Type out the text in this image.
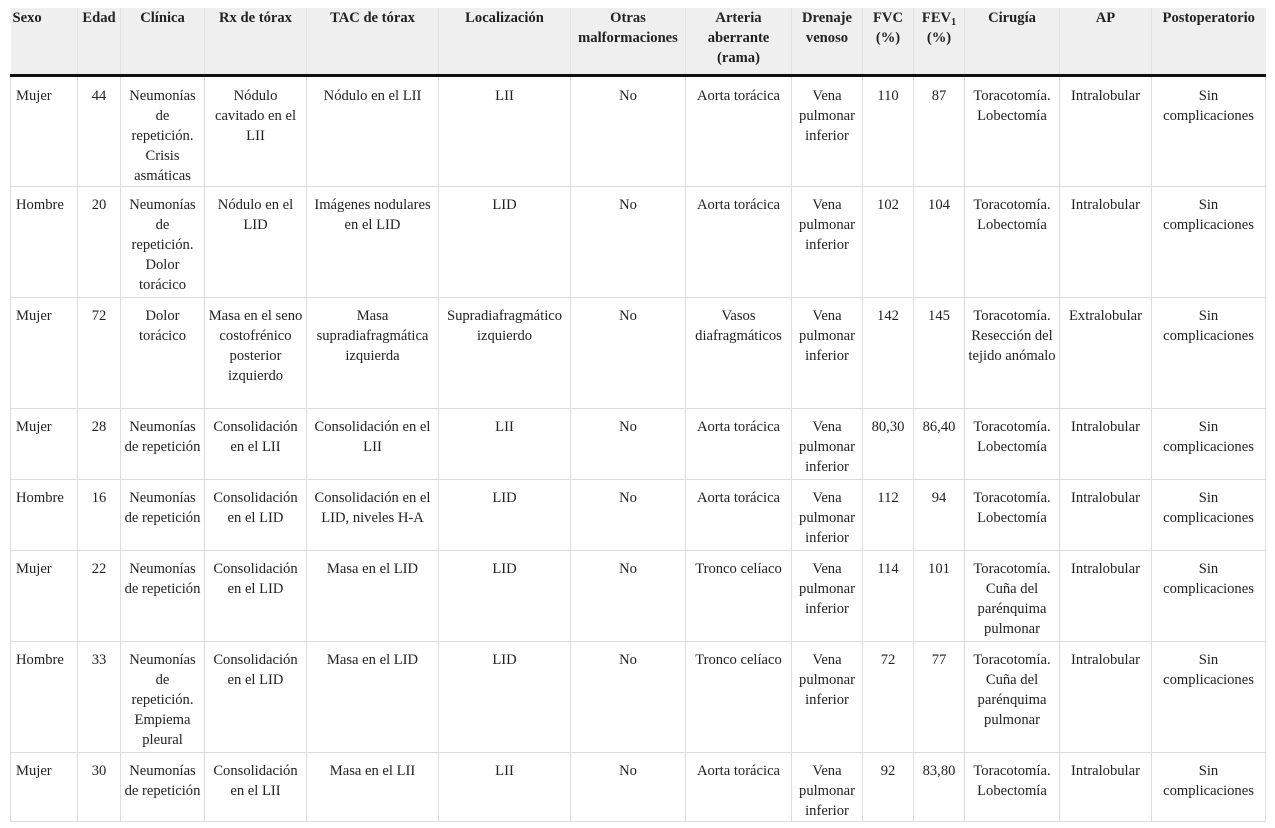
Sexo	Edad	Clínica	Rx de tórax	TAC de tórax	Localización	Otras malformaciones	Arteria aberrante (rama)	Drenaje venoso	FVC (%)	$FEV_1$ (%)	Cirugía	AP	Postoperatorio
Mujer	44	Neumonías de repetición. Crisis asmáticas	Nódulo cavitado en el LII	Nódulo en el LII	LII	No	Aorta torácica	Vena pulmonar inferior	110	87	Toracotomía. Lobectomía	Intralobular	Sin complicaciones
Hombre	20	Neumonías de repetición. Dolor torácico	Nódulo en el LID	Imágenes nodulares en el LID	LID	No	Aorta torácica	Vena pulmonar inferior	102	104	Toracotomía. Lobectomía	Intralobular	Sin complicaciones
Mujer	72	Dolor torácico	Masa en el seno costofrénico posterior izquierdo	Masa supradiafragmática izquierda	Supradiafragmático izquierdo	No	Vasos diafragmáticos	Vena pulmonar inferior	142	145	Toracotomía. Resección del tejido anómalo	Extralobular	Sin complicaciones
Mujer	28	Neumonías de repetición	Consolidación en el LII	Consolidación en el LII	LII	No	Aorta torácica	Vena pulmonar inferior	80,30	86,40	Toracotomía. Lobectomía	Intralobular	Sin complicaciones
Hombre	16	Neumonías de repetición	Consolidación en el LID	Consolidación en el LID, niveles H-A	LID	No	Aorta torácica	Vena pulmonar inferior	112	94	Toracotomía. Lobectomía	Intralobular	Sin complicaciones
Mujer	22	Neumonías de repetición	Consolidación en el LID	Masa en el LID	LID	No	Tronco celíaco	Vena pulmonar inferior	114	101	Toracotomía. Cuña del parénquima pulmonar	Intralobular	Sin complicaciones
Hombre	33	Neumonías de repetición. Empiema pleural	Consolidación en el LID	Masa en el LID	LID	No	Tronco celíaco	Vena pulmonar inferior	72	77	Toracotomía. Cuña del parénquima pulmonar	Intralobular	Sin complicaciones
Mujer	30	Neumonías de repetición	Consolidación en el LII	Masa en el LII	LII	No	Aorta torácica	Vena pulmonar inferior	92	83,80	Toracotomía. Lobectomía	Intralobular	Sin complicaciones
